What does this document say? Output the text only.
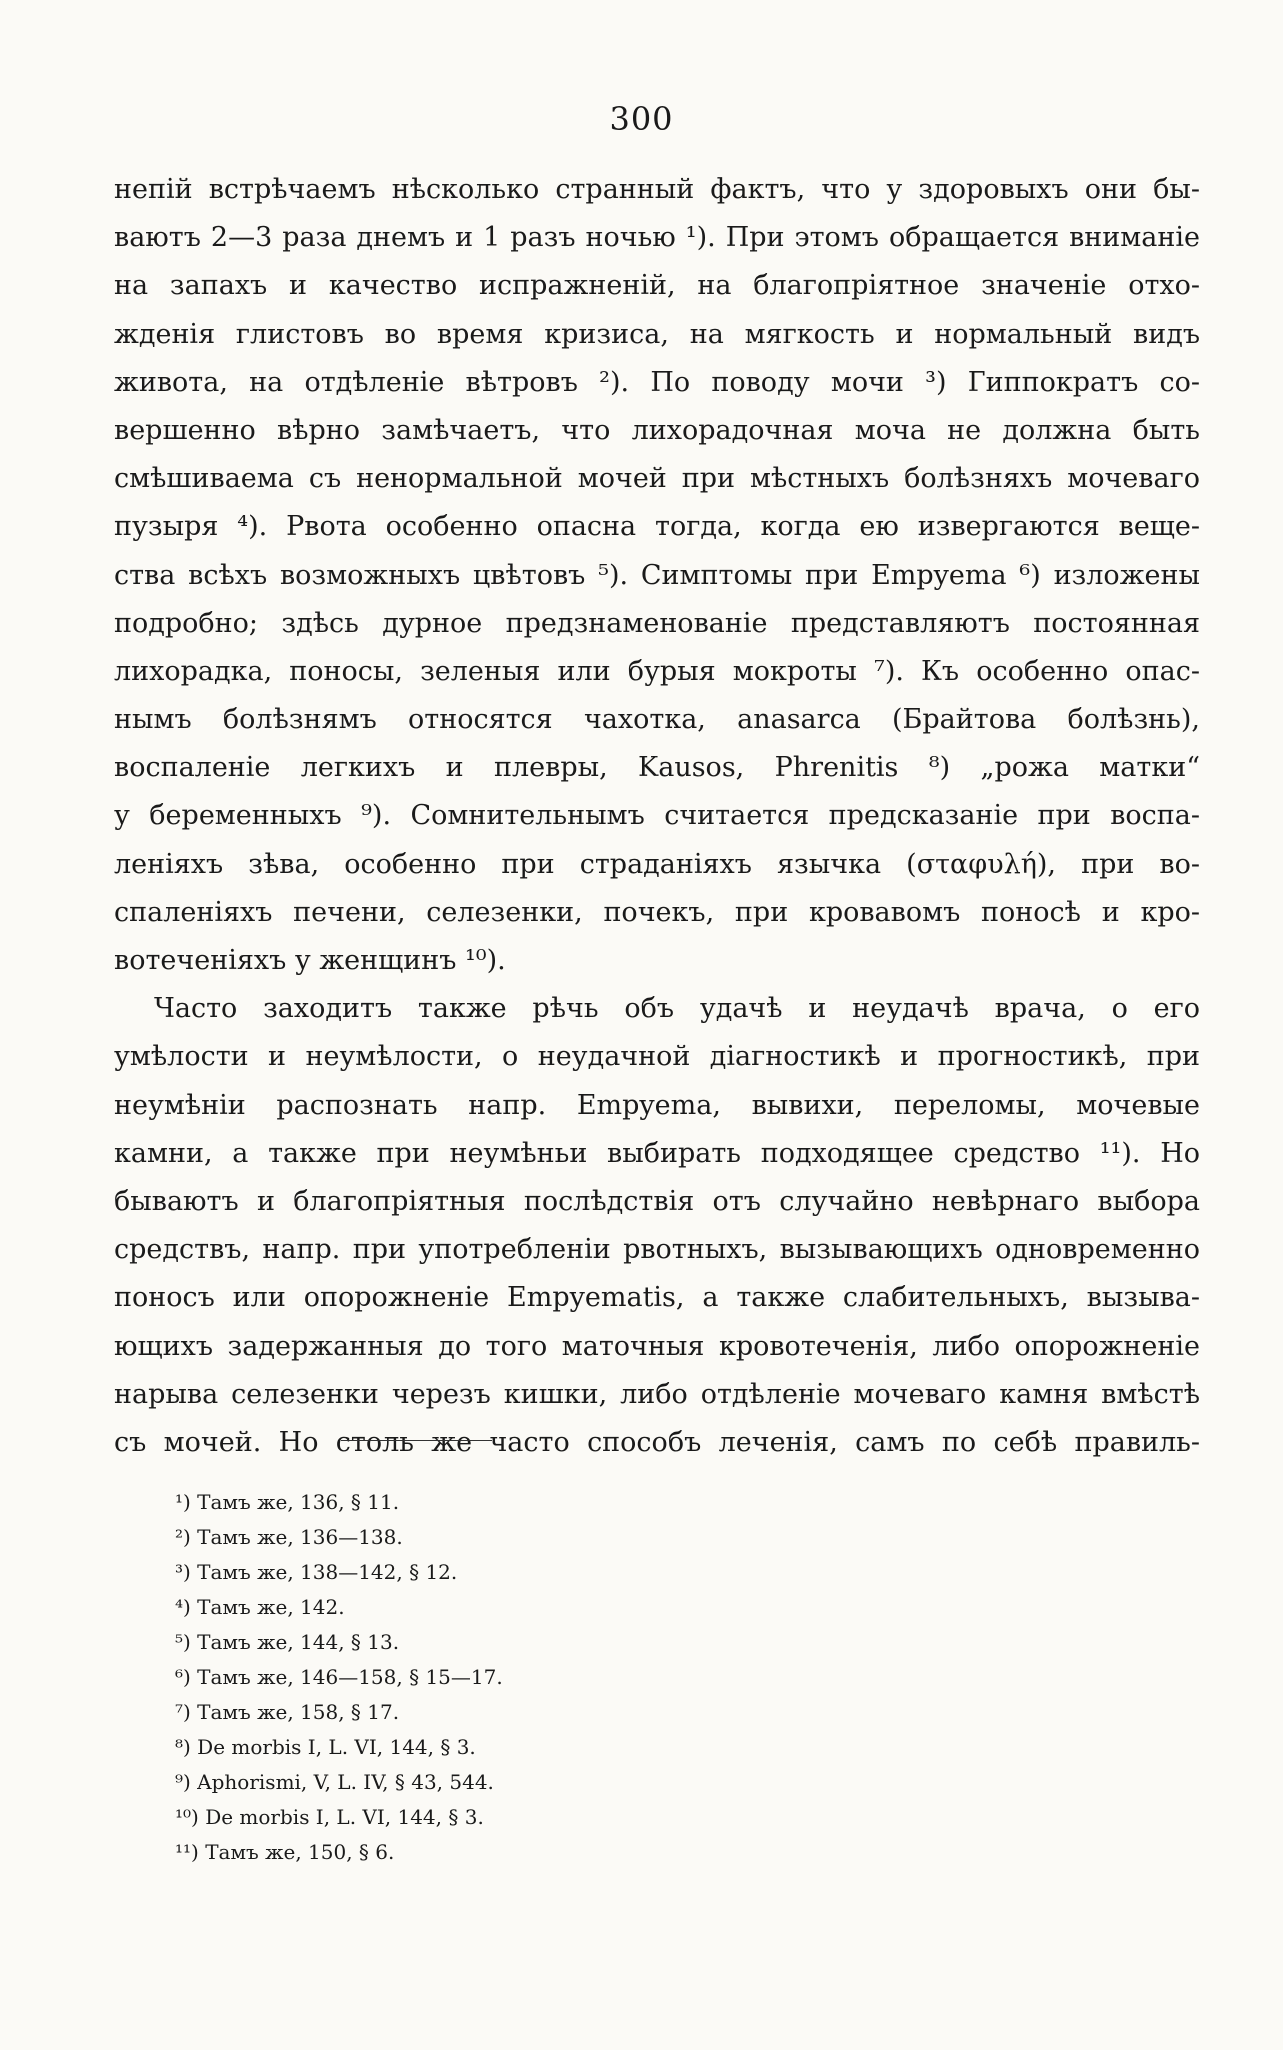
300
нeпiй встрѣчаемъ нѣсколько странный фактъ, что у здоровыхъ они бы-
ваютъ 2—3 раза днемъ и 1 разъ ночью ¹). При этомъ обращается вниманіе
на запахъ и качество испражненій, на благопріятное значеніе отхо-
жденія глистовъ во время кризиса, на мягкость и нормальный видъ
живота, на отдѣленіе вѣтровъ ²). По поводу мочи ³) Гиппократъ со-
вершенно вѣрно замѣчаетъ, что лихорадочная моча не должна быть
смѣшиваема съ ненормальной мочей при мѣстныхъ болѣзняхъ мочеваго
пузыря ⁴). Рвота особенно опасна тогда, когда ею извергаются веще-
ства всѣхъ возможныхъ цвѣтовъ ⁵). Симптомы при Empyema ⁶) изложены
подробно; здѣсь дурное предзнаменованіе представляютъ постоянная
лихорадка, поносы, зеленыя или бурыя мокроты ⁷). Къ особенно опас-
нымъ болѣзнямъ относятся чахотка, anasarca (Брайтова болѣзнь),
воспаленіе легкихъ и плевры, Kausos, Phrenitis ⁸) „рожа матки“
у беременныхъ ⁹). Сомнительнымъ считается предсказаніе при воспа-
леніяхъ зѣва, особенно при страданіяхъ язычка (σταφυλή), при во-
спаленіяхъ печени, селезенки, почекъ, при кровавомъ поносѣ и кро-
вотеченіяхъ у женщинъ ¹⁰).
Часто заходитъ также рѣчь объ удачѣ и неудачѣ врача, о его
умѣлости и неумѣлости, о неудачной діагностикѣ и прогностикѣ, при
неумѣніи распознать напр. Empyema, вывихи, переломы, мочевые
камни, а также при неумѣньи выбирать подходящее средство ¹¹). Но
бываютъ и благопріятныя послѣдствія отъ случайно невѣрнаго выбора
средствъ, напр. при употребленіи рвотныхъ, вызывающихъ одновременно
поносъ или опорожненіе Empyematis, а также слабительныхъ, вызыва-
ющихъ задержанныя до того маточныя кровотеченія, либо опорожненіе
нарыва селезенки черезъ кишки, либо отдѣленіе мочеваго камня вмѣстѣ
съ мочей. Но столь же часто способъ леченія, самъ по себѣ правиль-
¹) Тамъ же, 136, § 11.
²) Тамъ же, 136—138.
³) Тамъ же, 138—142, § 12.
⁴) Тамъ же, 142.
⁵) Тамъ же, 144, § 13.
⁶) Тамъ же, 146—158, § 15—17.
⁷) Тамъ же, 158, § 17.
⁸) De morbis I, L. VI, 144, § 3.
⁹) Aphorismi, V, L. IV, § 43, 544.
¹⁰) De morbis I, L. VI, 144, § 3.
¹¹) Тамъ же, 150, § 6.
